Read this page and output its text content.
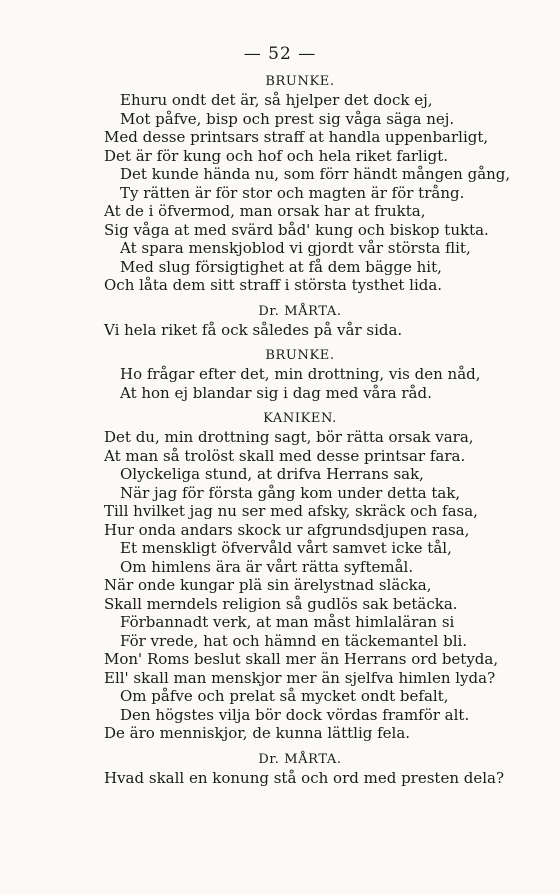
— 52 —
BRUNKE.
Ehuru ondt det är, så hjelper det dock ej,
Mot påfve, bisp och prest sig våga säga nej.
Med desse printsars straff at handla uppenbarligt,
Det är för kung och hof och hela riket farligt.
Det kunde hända nu, som förr händt mången gång,
Ty rätten är för stor och magten är för trång.
At de i öfvermod, man orsak har at frukta,
Sig våga at med svärd båd' kung och biskop tukta.
At spara menskjoblod vi gjordt vår största flit,
Med slug försigtighet at få dem bägge hit,
Och låta dem sitt straff i största tysthet lida.
Dr. MÅRTA.
Vi hela riket få ock således på vår sida.
BRUNKE.
Ho frågar efter det, min drottning, vis den nåd,
At hon ej blandar sig i dag med våra råd.
KANIKEN.
Det du, min drottning sagt, bör rätta orsak vara,
At man så trolöst skall med desse printsar fara.
Olyckeliga stund, at drifva Herrans sak,
När jag för första gång kom under detta tak,
Till hvilket jag nu ser med afsky, skräck och fasa,
Hur onda andars skock ur afgrundsdjupen rasa,
Et menskligt öfvervåld vårt samvet icke tål,
Om himlens ära är vårt rätta syftemål.
När onde kungar plä sin ärelystnad släcka,
Skall merndels religion så gudlös sak betäcka.
Förbannadt verk, at man måst himlaläran si
För vrede, hat och hämnd en täckemantel bli.
Mon' Roms beslut skall mer än Herrans ord betyda,
Ell' skall man menskjor mer än sjelfva himlen lyda?
Om påfve och prelat så mycket ondt befalt,
Den högstes vilja bör dock vördas framför alt.
De äro menniskjor, de kunna lättlig fela.
Dr. MÅRTA.
Hvad skall en konung stå och ord med presten dela?
